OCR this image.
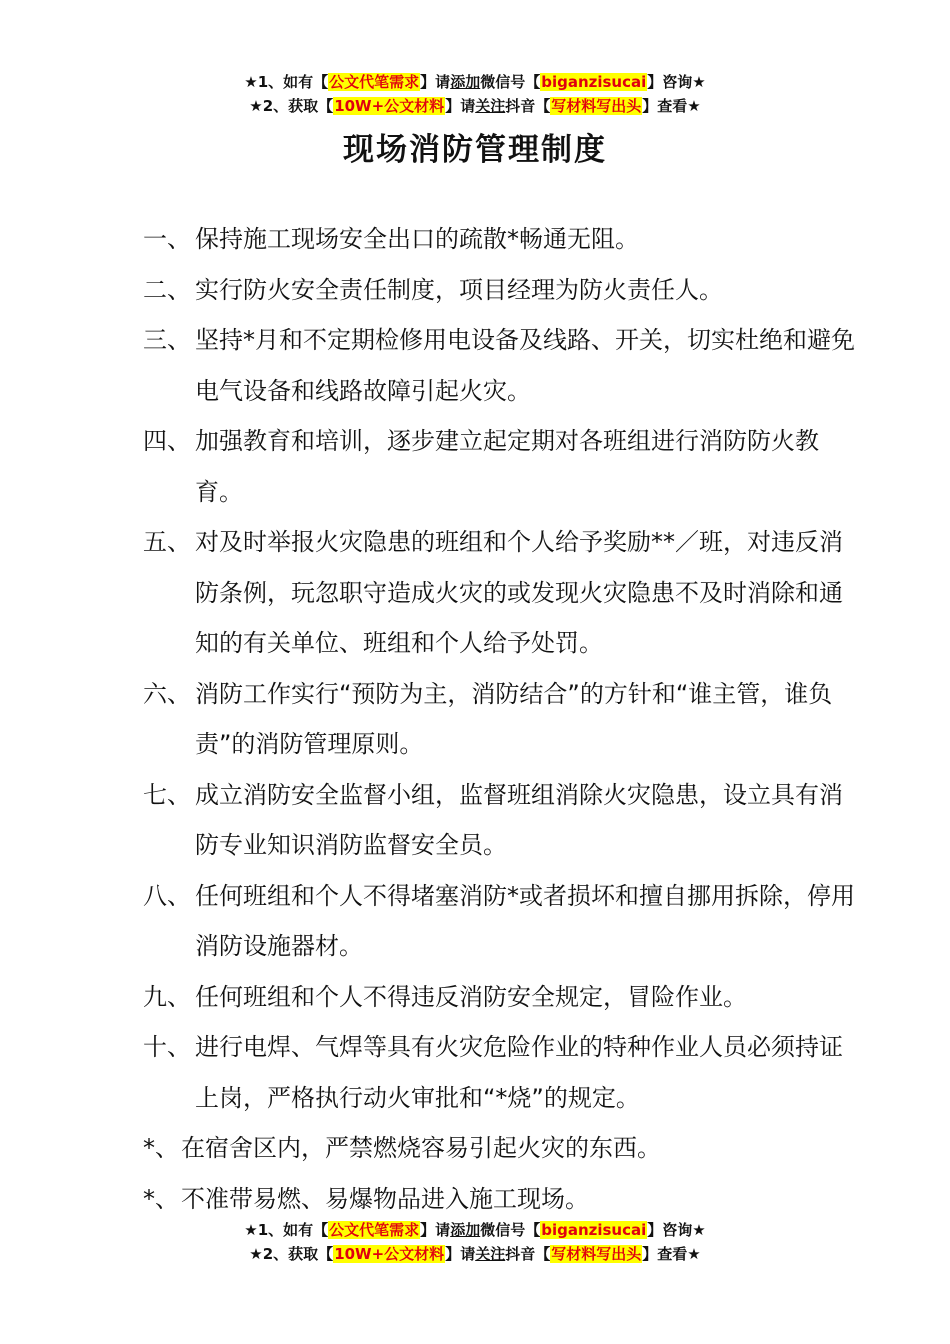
★1、如有【公文代笔需求】请添加微信号【biganzisucai】咨询★
★2、获取【10W+公文材料】请关注抖音【写材料写出头】查看★
现场消防管理制度
一、 保持施工现场安全出口的疏散*畅通无阻。
二、 实行防火安全责任制度，项目经理为防火责任人。
三、 坚持*月和不定期检修用电设备及线路、开关，切实杜绝和避免电气设备和线路故障引起火灾。
四、 加强教育和培训，逐步建立起定期对各班组进行消防防火教育。
五、 对及时举报火灾隐患的班组和个人给予奖励**／班，对违反消防条例，玩忽职守造成火灾的或发现火灾隐患不及时消除和通知的有关单位、班组和个人给予处罚。
六、 消防工作实行“预防为主，消防结合”的方针和“谁主管，谁负责”的消防管理原则。
七、 成立消防安全监督小组，监督班组消除火灾隐患，设立具有消防专业知识消防监督安全员。
八、 任何班组和个人不得堵塞消防*或者损坏和擅自挪用拆除，停用消防设施器材。
九、 任何班组和个人不得违反消防安全规定，冒险作业。
十、 进行电焊、气焊等具有火灾危险作业的特种作业人员必须持证上岗，严格执行动火审批和“*烧”的规定。
*、 在宿舍区内，严禁燃烧容易引起火灾的东西。
*、 不准带易燃、易爆物品进入施工现场。
★1、如有【公文代笔需求】请添加微信号【biganzisucai】咨询★
★2、获取【10W+公文材料】请关注抖音【写材料写出头】查看★
